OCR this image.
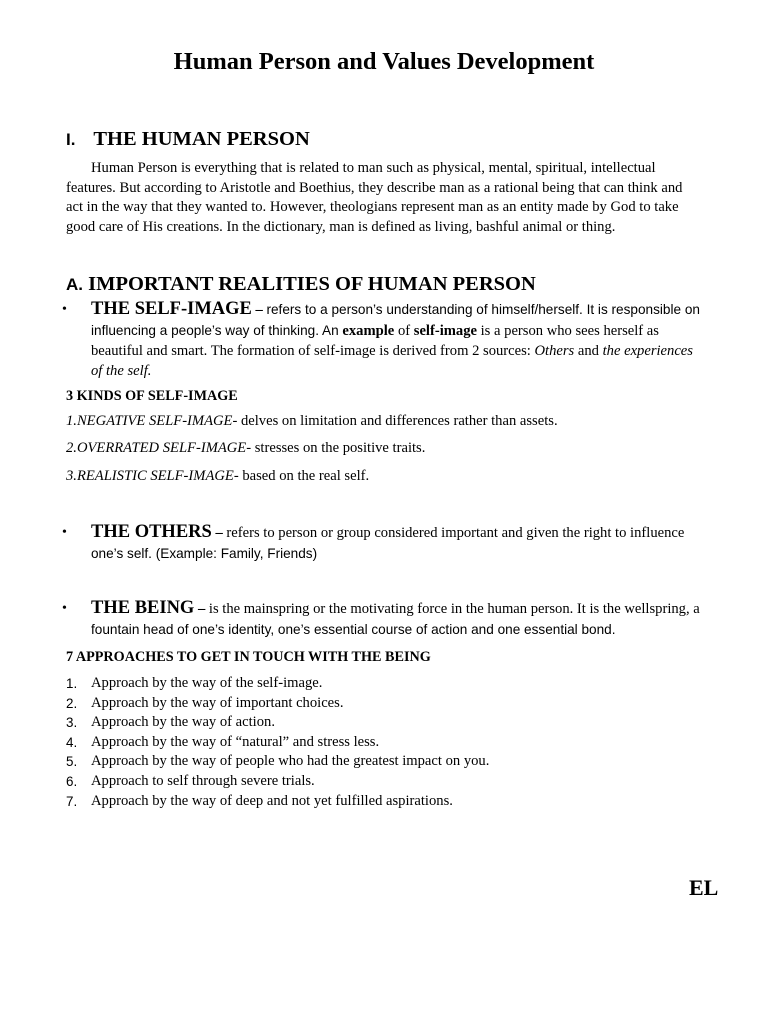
Human Person and Values Development
I. THE HUMAN PERSON

Human Person is everything that is related to man such as physical, mental, spiritual, intellectual

features. But according to Aristotle and Boethius, they describe man as a rational being that can think and

act in the way that they wanted to. However, theologians represent man as an entity made by God to take

good care of His creations. In the dictionary, man is defined as living, bashful animal or thing.

A. IMPORTANT REALITIES OF HUMAN PERSON
• THE SELF-IMAGE – refers to a person’s understanding of himself/herself. It is responsible on
influencing a people’s way of thinking. An example of self-image is a person who sees herself as
beautiful and smart. The formation of self-image is derived from 2 sources: Others and the experiences
of the self.
3 KINDS OF SELF-IMAGE
1.NEGATIVE SELF-IMAGE- delves on limitation and differences rather than assets.
2.OVERRATED SELF-IMAGE- stresses on the positive traits.
3.REALISTIC SELF-IMAGE- based on the real self.
• THE OTHERS – refers to person or group considered important and given the right to influence
one’s self. (Example: Family, Friends)
• THE BEING – is the mainspring or the motivating force in the human person. It is the wellspring, a
fountain head of one’s identity, one’s essential course of action and one essential bond.
7 APPROACHES TO GET IN TOUCH WITH THE BEING
1. Approach by the way of the self-image.
2. Approach by the way of important choices.
3. Approach by the way of action.
4. Approach by the way of “natural” and stress less.
5. Approach by the way of people who had the greatest impact on you.
6. Approach to self through severe trials.
7. Approach by the way of deep and not yet fulfilled aspirations.
EL
